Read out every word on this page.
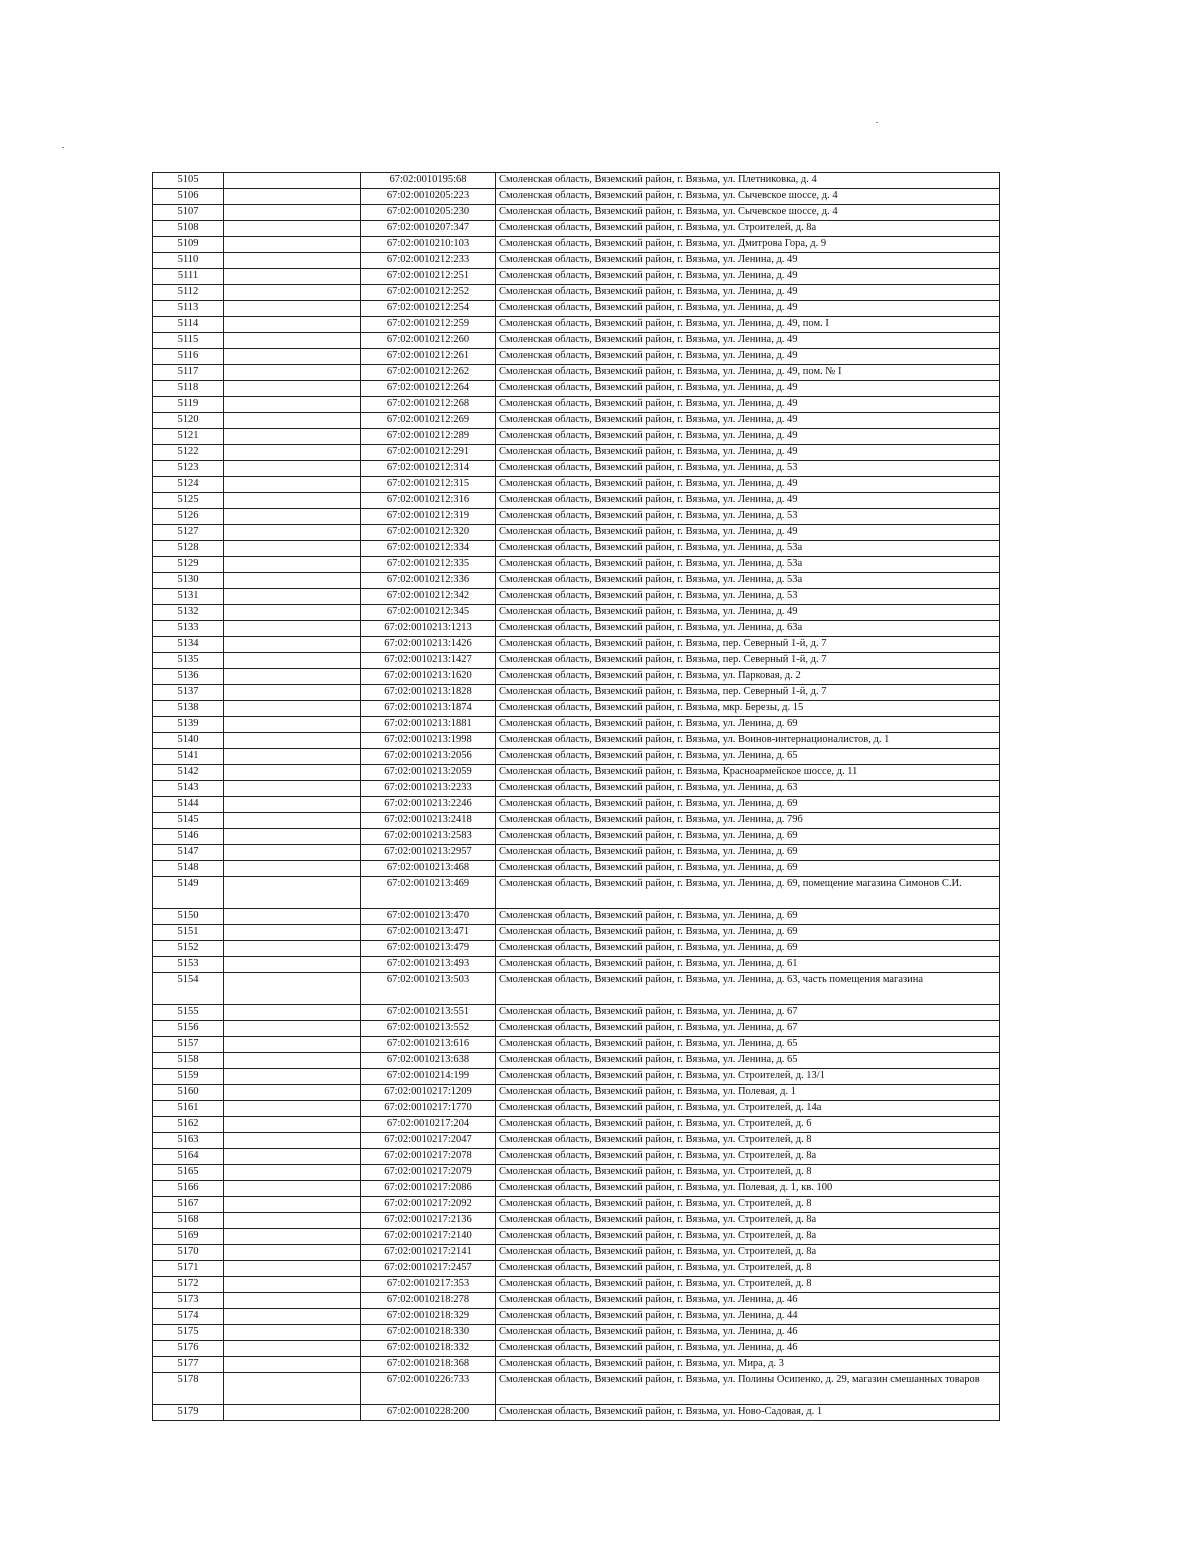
5105		67:02:0010195:68	Смоленская область, Вяземский район, г. Вязьма, ул. Плетниковка, д. 4
5106		67:02:0010205:223	Смоленская область, Вяземский район, г. Вязьма, ул. Сычевское шоссе, д. 4
5107		67:02:0010205:230	Смоленская область, Вяземский район, г. Вязьма, ул. Сычевское шоссе, д. 4
5108		67:02:0010207:347	Смоленская область, Вяземский район, г. Вязьма, ул. Строителей, д. 8а
5109		67:02:0010210:103	Смоленская область, Вяземский район, г. Вязьма, ул. Дмитрова Гора, д. 9
5110		67:02:0010212:233	Смоленская область, Вяземский район, г. Вязьма, ул. Ленина, д. 49
5111		67:02:0010212:251	Смоленская область, Вяземский район, г. Вязьма, ул. Ленина, д. 49
5112		67:02:0010212:252	Смоленская область, Вяземский район, г. Вязьма, ул. Ленина, д. 49
5113		67:02:0010212:254	Смоленская область, Вяземский район, г. Вязьма, ул. Ленина, д. 49
5114		67:02:0010212:259	Смоленская область, Вяземский район, г. Вязьма, ул. Ленина, д. 49, пом. I
5115		67:02:0010212:260	Смоленская область, Вяземский район, г. Вязьма, ул. Ленина, д. 49
5116		67:02:0010212:261	Смоленская область, Вяземский район, г. Вязьма, ул. Ленина, д. 49
5117		67:02:0010212:262	Смоленская область, Вяземский район, г. Вязьма, ул. Ленина, д. 49, пом. № I
5118		67:02:0010212:264	Смоленская область, Вяземский район, г. Вязьма, ул. Ленина, д. 49
5119		67:02:0010212:268	Смоленская область, Вяземский район, г. Вязьма, ул. Ленина, д. 49
5120		67:02:0010212:269	Смоленская область, Вяземский район, г. Вязьма, ул. Ленина, д. 49
5121		67:02:0010212:289	Смоленская область, Вяземский район, г. Вязьма, ул. Ленина, д. 49
5122		67:02:0010212:291	Смоленская область, Вяземский район, г. Вязьма, ул. Ленина, д. 49
5123		67:02:0010212:314	Смоленская область, Вяземский район, г. Вязьма, ул. Ленина, д. 53
5124		67:02:0010212:315	Смоленская область, Вяземский район, г. Вязьма, ул. Ленина, д. 49
5125		67:02:0010212:316	Смоленская область, Вяземский район, г. Вязьма, ул. Ленина, д. 49
5126		67:02:0010212:319	Смоленская область, Вяземский район, г. Вязьма, ул. Ленина, д. 53
5127		67:02:0010212:320	Смоленская область, Вяземский район, г. Вязьма, ул. Ленина, д. 49
5128		67:02:0010212:334	Смоленская область, Вяземский район, г. Вязьма, ул. Ленина, д. 53а
5129		67:02:0010212:335	Смоленская область, Вяземский район, г. Вязьма, ул. Ленина, д. 53а
5130		67:02:0010212:336	Смоленская область, Вяземский район, г. Вязьма, ул. Ленина, д. 53а
5131		67:02:0010212:342	Смоленская область, Вяземский район, г. Вязьма, ул. Ленина, д. 53
5132		67:02:0010212:345	Смоленская область, Вяземский район, г. Вязьма, ул. Ленина, д. 49
5133		67:02:0010213:1213	Смоленская область, Вяземский район, г. Вязьма, ул. Ленина, д. 63а
5134		67:02:0010213:1426	Смоленская область, Вяземский район, г. Вязьма, пер. Северный 1-й, д. 7
5135		67:02:0010213:1427	Смоленская область, Вяземский район, г. Вязьма, пер. Северный 1-й, д. 7
5136		67:02:0010213:1620	Смоленская область, Вяземский район, г. Вязьма, ул. Парковая, д. 2
5137		67:02:0010213:1828	Смоленская область, Вяземский район, г. Вязьма, пер. Северный 1-й, д. 7
5138		67:02:0010213:1874	Смоленская область, Вяземский район, г. Вязьма, мкр. Березы, д. 15
5139		67:02:0010213:1881	Смоленская область, Вяземский район, г. Вязьма, ул. Ленина, д. 69
5140		67:02:0010213:1998	Смоленская область, Вяземский район, г. Вязьма, ул. Воинов-интернационалистов, д. 1
5141		67:02:0010213:2056	Смоленская область, Вяземский район, г. Вязьма, ул. Ленина, д. 65
5142		67:02:0010213:2059	Смоленская область, Вяземский район, г. Вязьма, Красноармейское шоссе, д. 11
5143		67:02:0010213:2233	Смоленская область, Вяземский район, г. Вязьма, ул. Ленина, д. 63
5144		67:02:0010213:2246	Смоленская область, Вяземский район, г. Вязьма, ул. Ленина, д. 69
5145		67:02:0010213:2418	Смоленская область, Вяземский район, г. Вязьма, ул. Ленина, д. 79б
5146		67:02:0010213:2583	Смоленская область, Вяземский район, г. Вязьма, ул. Ленина, д. 69
5147		67:02:0010213:2957	Смоленская область, Вяземский район, г. Вязьма, ул. Ленина, д. 69
5148		67:02:0010213:468	Смоленская область, Вяземский район, г. Вязьма, ул. Ленина, д. 69
5149		67:02:0010213:469	Смоленская область, Вяземский район, г. Вязьма, ул. Ленина, д. 69, помещение магазина Симонов С.И.
5150		67:02:0010213:470	Смоленская область, Вяземский район, г. Вязьма, ул. Ленина, д. 69
5151		67:02:0010213:471	Смоленская область, Вяземский район, г. Вязьма, ул. Ленина, д. 69
5152		67:02:0010213:479	Смоленская область, Вяземский район, г. Вязьма, ул. Ленина, д. 69
5153		67:02:0010213:493	Смоленская область, Вяземский район, г. Вязьма, ул. Ленина, д. 61
5154		67:02:0010213:503	Смоленская область, Вяземский район, г. Вязьма, ул. Ленина, д. 63, часть помещения магазина
5155		67:02:0010213:551	Смоленская область, Вяземский район, г. Вязьма, ул. Ленина, д. 67
5156		67:02:0010213:552	Смоленская область, Вяземский район, г. Вязьма, ул. Ленина, д. 67
5157		67:02:0010213:616	Смоленская область, Вяземский район, г. Вязьма, ул. Ленина, д. 65
5158		67:02:0010213:638	Смоленская область, Вяземский район, г. Вязьма, ул. Ленина, д. 65
5159		67:02:0010214:199	Смоленская область, Вяземский район, г. Вязьма, ул. Строителей, д. 13/1
5160		67:02:0010217:1209	Смоленская область, Вяземский район, г. Вязьма, ул. Полевая, д. 1
5161		67:02:0010217:1770	Смоленская область, Вяземский район, г. Вязьма, ул. Строителей, д. 14а
5162		67:02:0010217:204	Смоленская область, Вяземский район, г. Вязьма, ул. Строителей, д. 6
5163		67:02:0010217:2047	Смоленская область, Вяземский район, г. Вязьма, ул. Строителей, д. 8
5164		67:02:0010217:2078	Смоленская область, Вяземский район, г. Вязьма, ул. Строителей, д. 8а
5165		67:02:0010217:2079	Смоленская область, Вяземский район, г. Вязьма, ул. Строителей, д. 8
5166		67:02:0010217:2086	Смоленская область, Вяземский район, г. Вязьма, ул. Полевая, д. 1, кв. 100
5167		67:02:0010217:2092	Смоленская область, Вяземский район, г. Вязьма, ул. Строителей, д. 8
5168		67:02:0010217:2136	Смоленская область, Вяземский район, г. Вязьма, ул. Строителей, д. 8а
5169		67:02:0010217:2140	Смоленская область, Вяземский район, г. Вязьма, ул. Строителей, д. 8а
5170		67:02:0010217:2141	Смоленская область, Вяземский район, г. Вязьма, ул. Строителей, д. 8а
5171		67:02:0010217:2457	Смоленская область, Вяземский район, г. Вязьма, ул. Строителей, д. 8
5172		67:02:0010217:353	Смоленская область, Вяземский район, г. Вязьма, ул. Строителей, д. 8
5173		67:02:0010218:278	Смоленская область, Вяземский район, г. Вязьма, ул. Ленина, д. 46
5174		67:02:0010218:329	Смоленская область, Вяземский район, г. Вязьма, ул. Ленина, д. 44
5175		67:02:0010218:330	Смоленская область, Вяземский район, г. Вязьма, ул. Ленина, д. 46
5176		67:02:0010218:332	Смоленская область, Вяземский район, г. Вязьма, ул. Ленина, д. 46
5177		67:02:0010218:368	Смоленская область, Вяземский район, г. Вязьма, ул. Мира, д. 3
5178		67:02:0010226:733	Смоленская область, Вяземский район, г. Вязьма, ул. Полины Осипенко, д. 29, магазин смешанных товаров
5179		67:02:0010228:200	Смоленская область, Вяземский район, г. Вязьма, ул. Ново-Садовая, д. 1
